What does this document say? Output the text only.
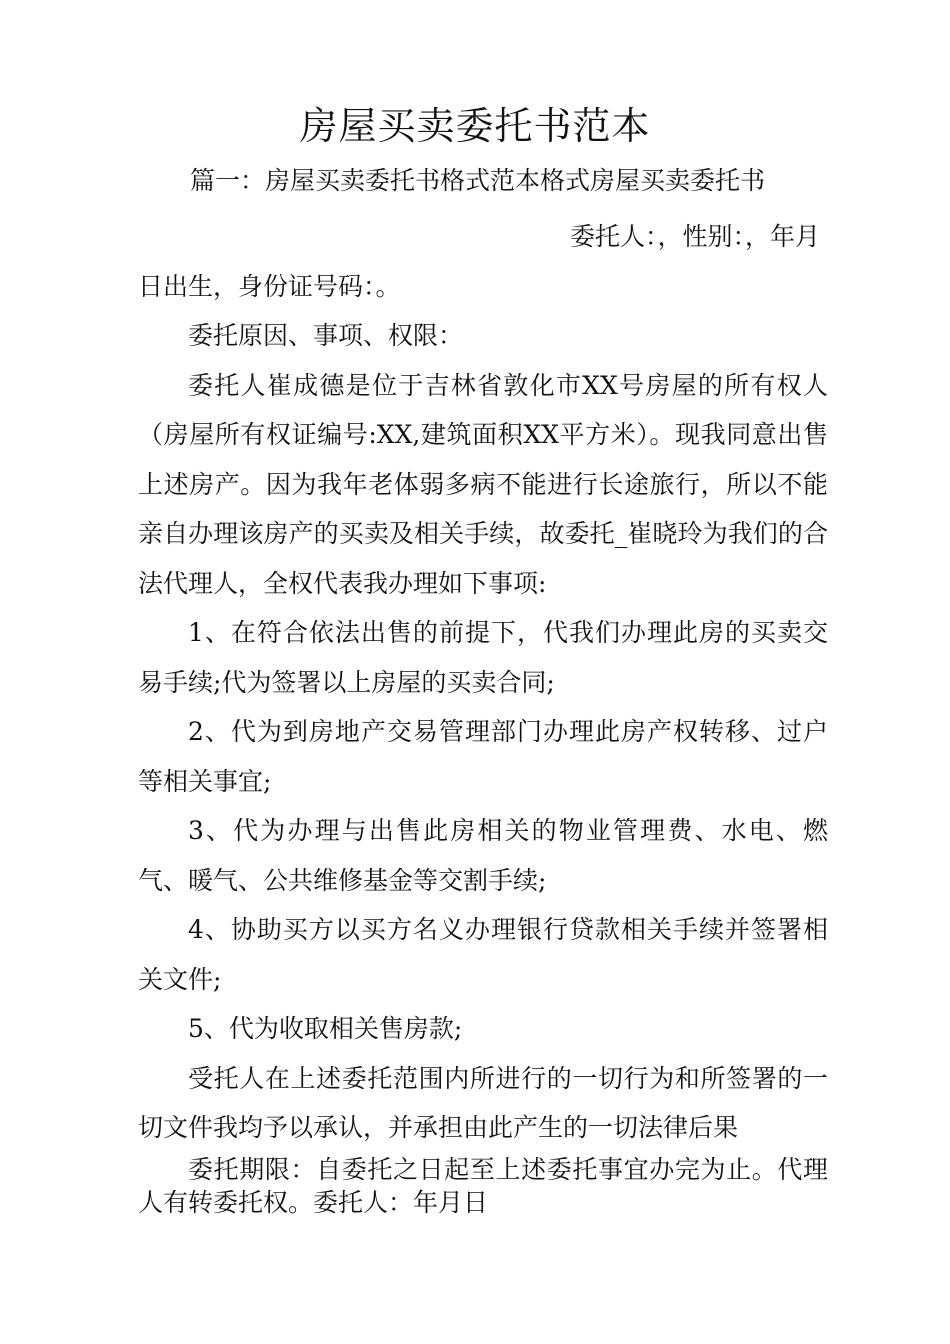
房屋买卖委托书范本
篇一：房屋买卖委托书格式范本格式房屋买卖委托书

委托人：，性别：，年月

日出生，身份证号码：。

委托原因、事项、权限：

委托人崔成德是位于吉林省敦化市XX号房屋的所有权人（房屋所有权证编号:XX,建筑面积XX平方米）。现我同意出售上述房产。因为我年老体弱多病不能进行长途旅行，所以不能亲自办理该房产的买卖及相关手续，故委托_崔晓玲为我们的合法代理人，全权代表我办理如下事项:

1、在符合依法出售的前提下，代我们办理此房的买卖交易手续;代为签署以上房屋的买卖合同;

2、代为到房地产交易管理部门办理此房产权转移、过户等相关事宜;

3、代为办理与出售此房相关的物业管理费、水电、燃气、暖气、公共维修基金等交割手续;

4、协助买方以买方名义办理银行贷款相关手续并签署相关文件;

5、代为收取相关售房款;

受托人在上述委托范围内所进行的一切行为和所签署的一切文件我均予以承认，并承担由此产生的一切法律后果

委托期限：自委托之日起至上述委托事宜办完为止。代理人有转委托权。委托人：年月日
